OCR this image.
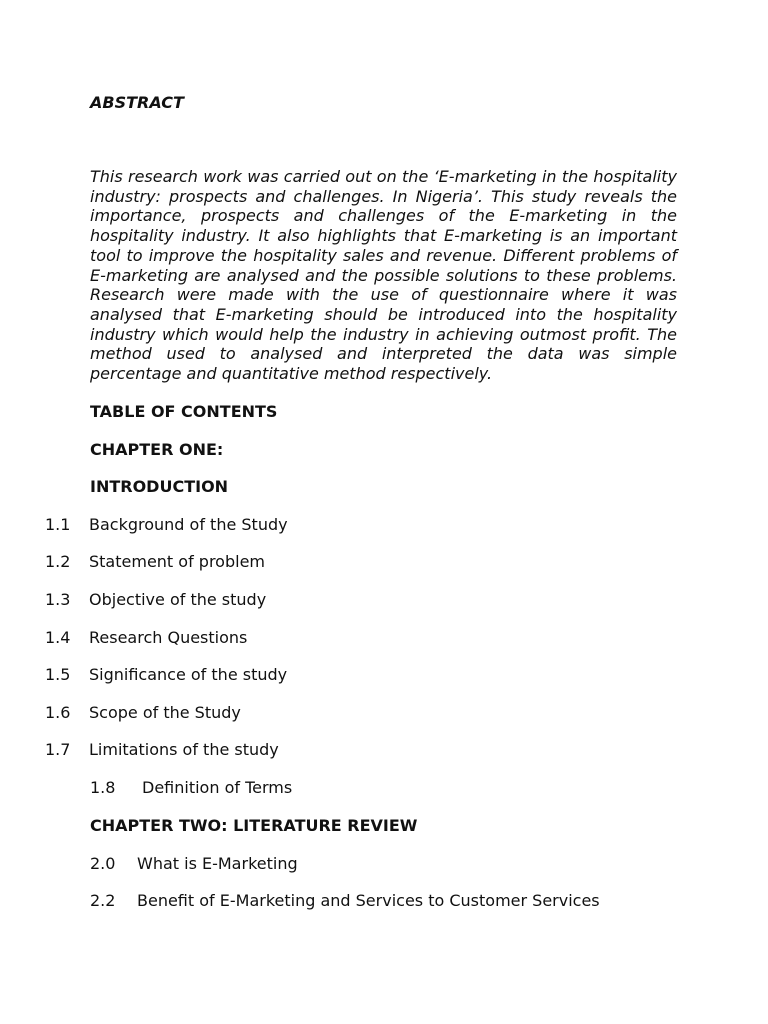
ABSTRACT

This research work was carried out on the ‘E-marketing in the hospitality industry: prospects and challenges. In Nigeria’. This study reveals the importance, prospects and challenges of the E-marketing in the hospitality industry. It also highlights that E-marketing is an important tool to improve the hospitality sales and revenue. Different problems of E-marketing are analysed and the possible solutions to these problems. Research were made with the use of questionnaire where it was analysed that E-marketing should be introduced into the hospitality industry which would help the industry in achieving outmost profit. The method used to analysed and interpreted the data was simple percentage and quantitative method respectively.

TABLE OF CONTENTS

CHAPTER ONE:

INTRODUCTION

1.1 Background of the Study
1.2 Statement of problem
1.3 Objective of the study
1.4 Research Questions
1.5 Significance of the study
1.6 Scope of the Study
1.7 Limitations of the study
1.8 Definition of Terms

CHAPTER TWO: LITERATURE REVIEW

2.0 What is E-Marketing
2.2 Benefit of E-Marketing and Services to Customer Services
